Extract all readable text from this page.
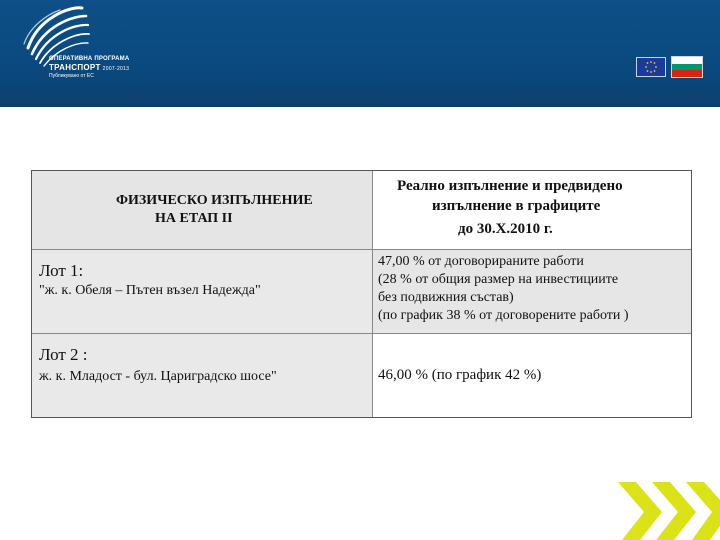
ОПЕРАТИВНА ПРОГРАМА
ТРАНСПОРТ 2007-2013
Публикувано от ЕС
ФИЗИЧЕСКО ИЗПЪЛНЕНИЕ
НА ЕТАП II
Реално изпълнение и предвидено
изпълнение в графиците
до 30.Х.2010 г.
Лот 1:
"ж. к. Обеля – Пътен възел Надежда"
47,00 % от договорираните работи
(28 % от общия размер на инвестициите
без подвижния състав)
(по график 38 % от договорените работи )
Лот 2 :
ж. к. Младост - бул. Цариградско шосе"	46,00 % (по график 42 %)
